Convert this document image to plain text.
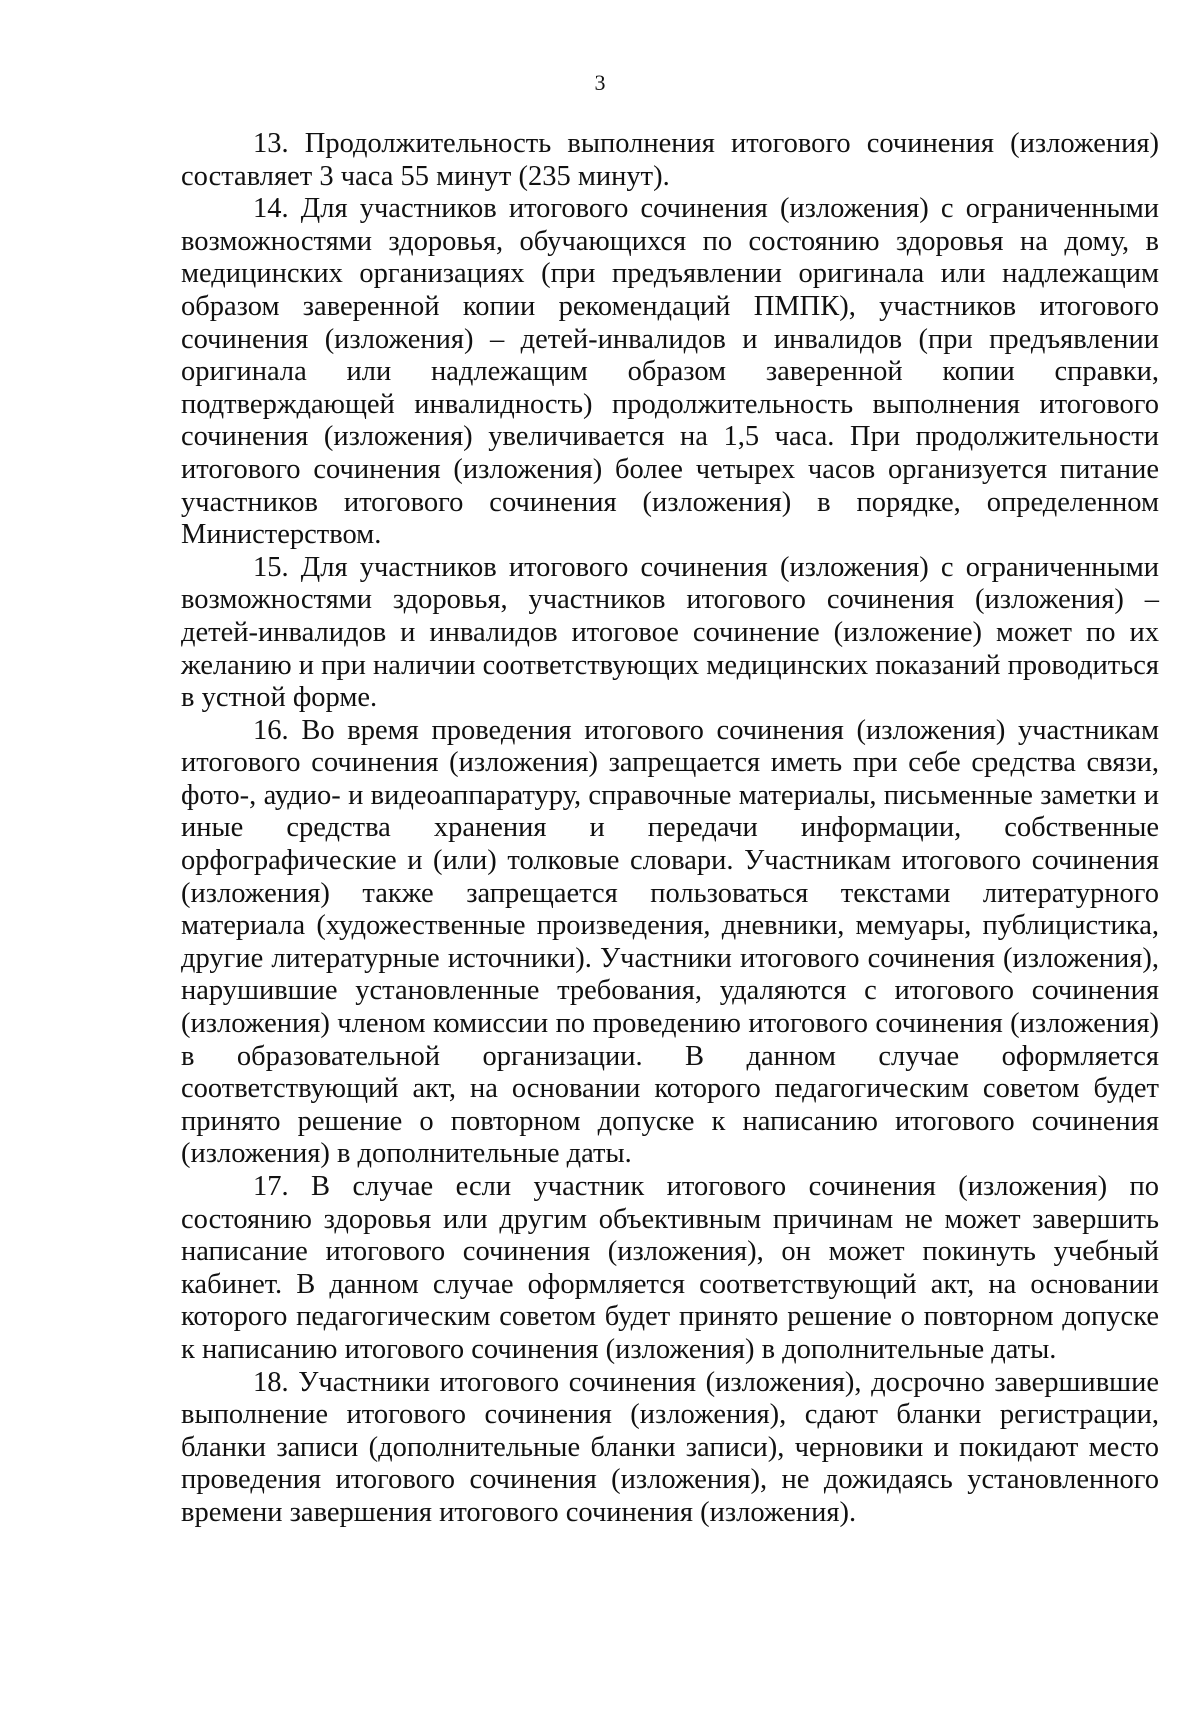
3

13. Продолжительность выполнения итогового сочинения (изложения) составляет 3 часа 55 минут (235 минут).

14. Для участников итогового сочинения (изложения) с ограниченными возможностями здоровья, обучающихся по состоянию здоровья на дому, в медицинских организациях (при предъявлении оригинала или надлежащим образом заверенной копии рекомендаций ПМПК), участников итогового сочинения (изложения) – детей-инвалидов и инвалидов (при предъявлении оригинала или надлежащим образом заверенной копии справки, подтверждающей инвалидность) продолжительность выполнения итогового сочинения (изложения) увеличивается на 1,5 часа. При продолжительности итогового сочинения (изложения) более четырех часов организуется питание участников итогового сочинения (изложения) в порядке, определенном Министерством.

15. Для участников итогового сочинения (изложения) с ограниченными возможностями здоровья, участников итогового сочинения (изложения) – детей-инвалидов и инвалидов итоговое сочинение (изложение) может по их желанию и при наличии соответствующих медицинских показаний проводиться в устной форме.

16. Во время проведения итогового сочинения (изложения) участникам итогового сочинения (изложения) запрещается иметь при себе средства связи, фото-, аудио- и видеоаппаратуру, справочные материалы, письменные заметки и иные средства хранения и передачи информации, собственные орфографические и (или) толковые словари. Участникам итогового сочинения (изложения) также запрещается пользоваться текстами литературного материала (художественные произведения, дневники, мемуары, публицистика, другие литературные источники). Участники итогового сочинения (изложения), нарушившие установленные требования, удаляются с итогового сочинения (изложения) членом комиссии по проведению итогового сочинения (изложения) в образовательной организации. В данном случае оформляется соответствующий акт, на основании которого педагогическим советом будет принято решение о повторном допуске к написанию итогового сочинения (изложения) в дополнительные даты.

17. В случае если участник итогового сочинения (изложения) по состоянию здоровья или другим объективным причинам не может завершить написание итогового сочинения (изложения), он может покинуть учебный кабинет. В данном случае оформляется соответствующий акт, на основании которого педагогическим советом будет принято решение о повторном допуске к написанию итогового сочинения (изложения) в дополнительные даты.

18. Участники итогового сочинения (изложения), досрочно завершившие выполнение итогового сочинения (изложения), сдают бланки регистрации, бланки записи (дополнительные бланки записи), черновики и покидают место проведения итогового сочинения (изложения), не дожидаясь установленного времени завершения итогового сочинения (изложения).
